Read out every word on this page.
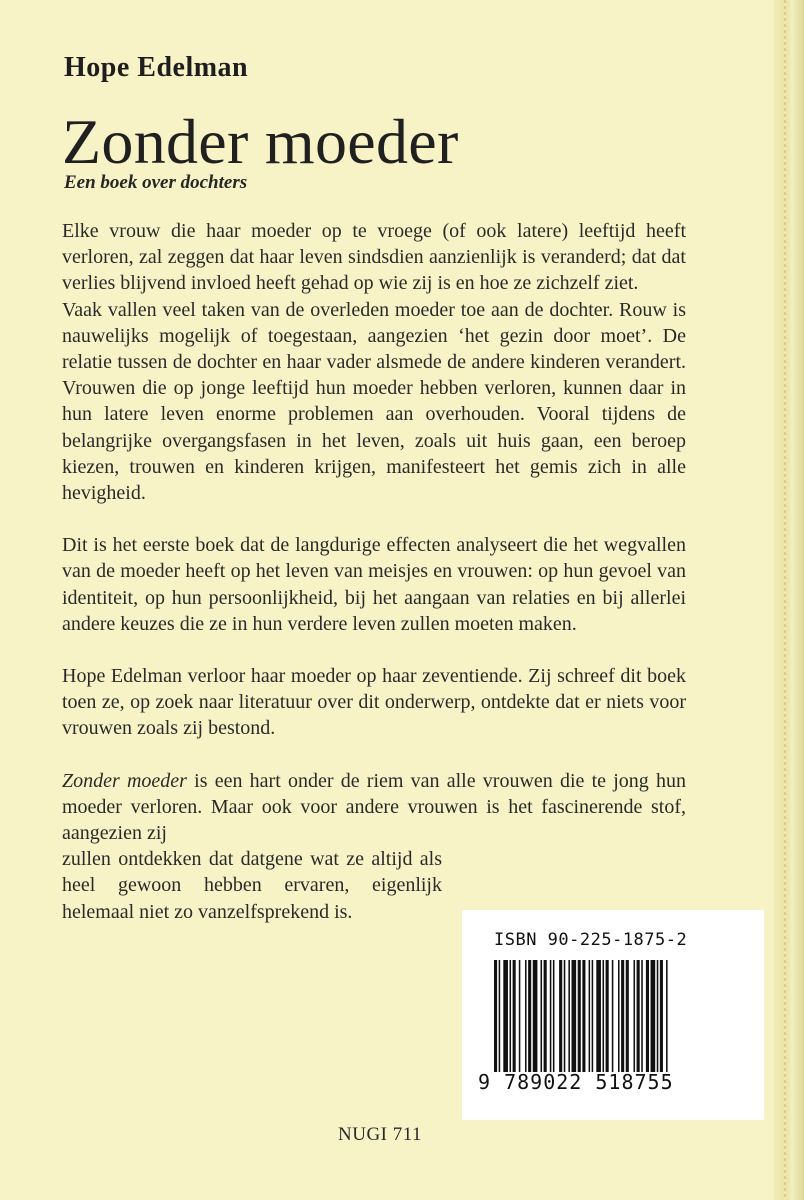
Hope Edelman
Zonder moeder
Een boek over dochters

Elke vrouw die haar moeder op te vroege (of ook latere) leeftijd heeft verloren, zal zeggen dat haar leven sindsdien aanzienlijk is veranderd; dat dat verlies blijvend invloed heeft gehad op wie zij is en hoe ze zichzelf ziet.

Vaak vallen veel taken van de overleden moeder toe aan de dochter. Rouw is nauwelijks mogelijk of toegestaan, aangezien ‘het gezin door moet’. De relatie tussen de dochter en haar vader alsmede de andere kinderen verandert. Vrouwen die op jonge leeftijd hun moeder hebben verloren, kunnen daar in hun latere leven enorme problemen aan overhouden. Vooral tijdens de belangrijke overgangsfasen in het leven, zoals uit huis gaan, een beroep kiezen, trouwen en kinderen krijgen, manifesteert het gemis zich in alle hevigheid.

Dit is het eerste boek dat de langdurige effecten analyseert die het wegvallen van de moeder heeft op het leven van meisjes en vrouwen: op hun gevoel van identiteit, op hun persoonlijkheid, bij het aangaan van relaties en bij allerlei andere keuzes die ze in hun verdere leven zullen moeten maken.

Hope Edelman verloor haar moeder op haar zeventiende. Zij schreef dit boek toen ze, op zoek naar literatuur over dit onderwerp, ontdekte dat er niets voor vrouwen zoals zij bestond.

Zonder moeder is een hart onder de riem van alle vrouwen die te jong hun moeder verloren. Maar ook voor andere vrouwen is het fascinerende stof, aangezien zij

zullen ontdekken dat datgene wat ze altijd als heel gewoon hebben ervaren, eigenlijk helemaal niet zo vanzelfsprekend is.

ISBN 90-225-1875-2
9 789022 518755
NUGI 711
